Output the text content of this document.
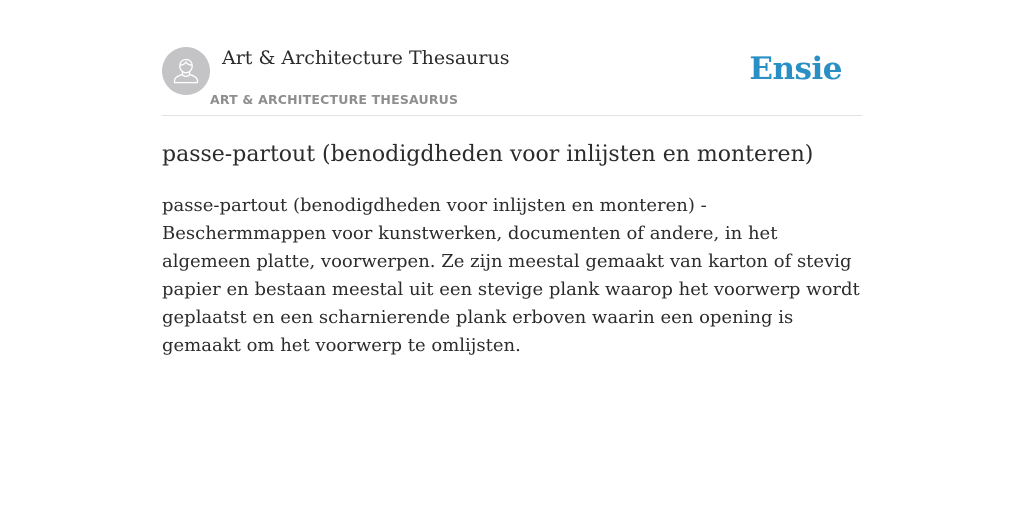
Art & Architecture Thesaurus
ART & ARCHITECTURE THESAURUS
Ensie
passe-partout (benodigdheden voor inlijsten en monteren)

passe-partout (benodigdheden voor inlijsten en monteren) - Beschermmappen voor kunstwerken, documenten of andere, in het algemeen platte, voorwerpen. Ze zijn meestal gemaakt van karton of stevig papier en bestaan meestal uit een stevige plank waarop het voorwerp wordt geplaatst en een scharnierende plank erboven waarin een opening is gemaakt om het voorwerp te omlijsten.
